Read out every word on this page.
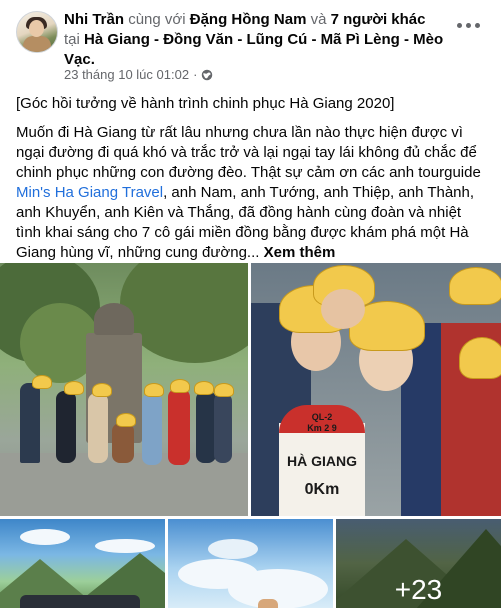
Nhi Trần cùng với Đặng Hồng Nam và 7 người khác tại Hà Giang - Đồng Văn - Lũng Cú - Mã Pì Lèng - Mèo Vạc.
23 tháng 10 lúc 01:02 ·
[Góc hồi tưởng về hành trình chinh phục Hà Giang 2020]
Muốn đi Hà Giang từ rất lâu nhưng chưa lần nào thực hiện được vì ngại đường đi quá khó và trắc trở và lại ngại tay lái không đủ chắc để chinh phục những con đường đèo. Thật sự cảm ơn các anh tourguide Min's Ha Giang Travel, anh Nam, anh Tướng, anh Thiệp, anh Thành, anh Khuyển, anh Kiên và Thắng, đã đồng hành cùng đoàn và nhiệt tình khai sáng cho 7 cô gái miền đồng bằng được khám phá một Hà Giang hùng vĩ, những cung đường... Xem thêm
QL-2
Km 2 9
HÀ GIANG
0Km
+23
